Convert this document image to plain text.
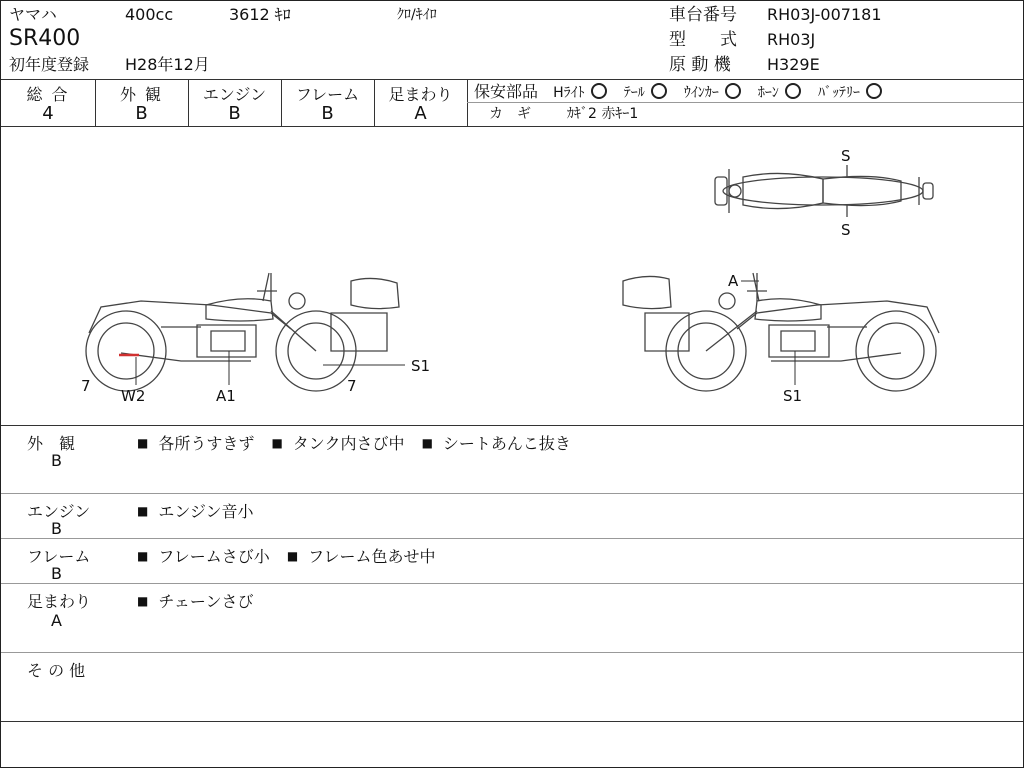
ヤマハ	400cc	3612 ｷﾛ	ｸﾛ/ｷｲﾛ	車台番号 RH03J-007181
SR400	型　　式 RH03J
初年度登録 H28年12月	原 動 機 H329E
総 合
4
外 観
B
エンジン
B
フレーム
B
足まわり
A
保安部品 Hﾗｲﾄ	ﾃｰﾙ	ｳｲﾝｶｰ	ﾎｰﾝ	ﾊﾞｯﾃﾘｰ
カ　ギ	ｶｷﾞ2 赤ｷｰ1
S
S
7
W2	A1
7
S1
A
S1
外　観
B
■ 各所うすきず ■ タンク内さび中 ■ シートあんこ抜き
エンジン
B
■ エンジン音小
フレーム
B
■ フレームさび小 ■ フレーム色あせ中
足まわり
A
■ チェーンさび
そ の 他
